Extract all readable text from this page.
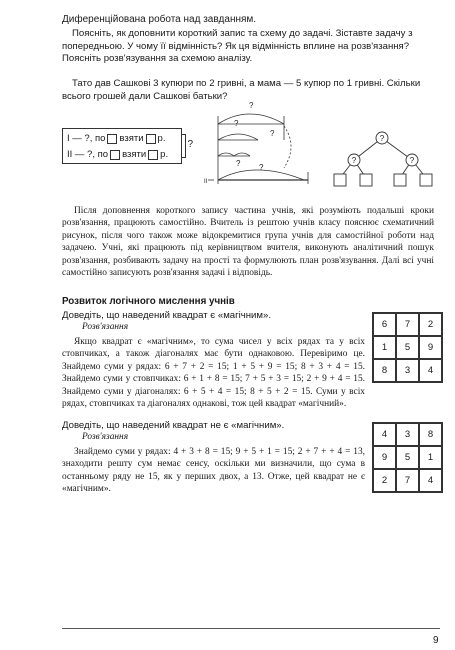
Диференційована робота над завданням.

Поясніть, як доповнити короткий запис та схему до задачі. Зіставте задачу з попередньою. У чому її відмінність? Як ця відмінність вплине на розв'язання? Поясніть розв'язування за схемою аналізу.

Тато дав Сашкові 3 купюри по 2 гривні, а мама — 5 купюр по 1 гривні. Скільки всього грошей дали Сашкові батьки?

І — ?, по взяти р.
ІІ — ?, по взяти р.
?
?
?
?
? ?
ІІ
?
?	?

Після доповнення короткого запису частина учнів, які розуміють подальші кроки розв'язання, працюють самостійно. Вчитель із рештою учнів класу пояснює схематичний рисунок, після чого також може відокремитися група учнів для самостійної роботи над задачею. Учні, які працюють під керівництвом вчителя, виконують аналітичний пошук розв'язання, розбивають задачу на прості та формулюють план розв'язування. Далі всі учні самостійно записують розв'язання задачі і відповідь.

Розвиток логічного мислення учнів
Доведіть, що наведений квадрат є «магічним».
Розв'язання

Якщо квадрат є «магічним», то сума чисел у всіх рядах та у всіх стовпчиках, а також діагоналях має бути однаковою. Перевіримо це. Знайдемо суми у рядах: 6 + 7 + 2 = 15; 1 + 5 + 9 = 15; 8 + 3 + 4 = 15. Знайдемо суми у стовпчиках: 6 + 1 + 8 = 15; 7 + 5 + 3 = 15; 2 + 9 + 4 = 15. Знайдемо суми у діагоналях: 6 + 5 + 4 = 15; 8 + 5 + 2 = 15. Суми у всіх рядах, стовпчиках та діагоналях однакові, тож цей квадрат «магічний».

6	7	2
1	5	9
8	3	4
Доведіть, що наведений квадрат не є «магічним».
Розв'язання

Знайдемо суми у рядах: 4 + 3 + 8 = 15; 9 + 5 + 1 = 15; 2 + 7 + + 4 = 13, знаходити решту сум немає сенсу, оскільки ми визначили, що сума в останньому ряду не 15, як у перших двох, а 13. Отже, цей квадрат не є «магічним».

4	3	8
9	5	1
2	7	4
9
